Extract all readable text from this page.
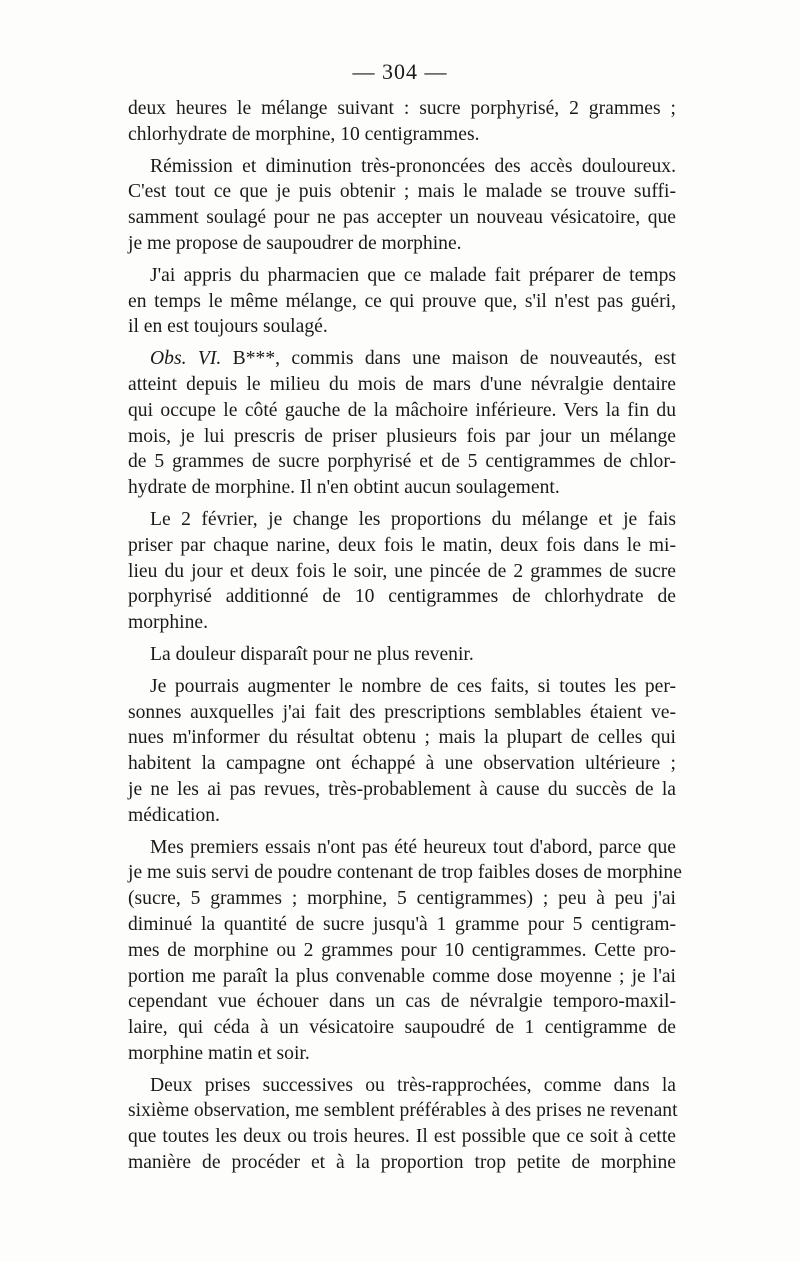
— 304 —
deux heures le mélange suivant : sucre porphyrisé, 2 grammes ;
chlorhydrate de morphine, 10 centigrammes.
Rémission et diminution très-prononcées des accès douloureux.
C'est tout ce que je puis obtenir ; mais le malade se trouve suffi-
samment soulagé pour ne pas accepter un nouveau vésicatoire, que
je me propose de saupoudrer de morphine.
J'ai appris du pharmacien que ce malade fait préparer de temps
en temps le même mélange, ce qui prouve que, s'il n'est pas guéri,
il en est toujours soulagé.
Obs. VI. B***, commis dans une maison de nouveautés, est
atteint depuis le milieu du mois de mars d'une névralgie dentaire
qui occupe le côté gauche de la mâchoire inférieure. Vers la fin du
mois, je lui prescris de priser plusieurs fois par jour un mélange
de 5 grammes de sucre porphyrisé et de 5 centigrammes de chlor-
hydrate de morphine. Il n'en obtint aucun soulagement.
Le 2 février, je change les proportions du mélange et je fais
priser par chaque narine, deux fois le matin, deux fois dans le mi-
lieu du jour et deux fois le soir, une pincée de 2 grammes de sucre
porphyrisé additionné de 10 centigrammes de chlorhydrate de
morphine.
La douleur disparaît pour ne plus revenir.
Je pourrais augmenter le nombre de ces faits, si toutes les per-
sonnes auxquelles j'ai fait des prescriptions semblables étaient ve-
nues m'informer du résultat obtenu ; mais la plupart de celles qui
habitent la campagne ont échappé à une observation ultérieure ;
je ne les ai pas revues, très-probablement à cause du succès de la
médication.
Mes premiers essais n'ont pas été heureux tout d'abord, parce que
je me suis servi de poudre contenant de trop faibles doses de morphine
(sucre, 5 grammes ; morphine, 5 centigrammes) ; peu à peu j'ai
diminué la quantité de sucre jusqu'à 1 gramme pour 5 centigram-
mes de morphine ou 2 grammes pour 10 centigrammes. Cette pro-
portion me paraît la plus convenable comme dose moyenne ; je l'ai
cependant vue échouer dans un cas de névralgie temporo-maxil-
laire, qui céda à un vésicatoire saupoudré de 1 centigramme de
morphine matin et soir.
Deux prises successives ou très-rapprochées, comme dans la
sixième observation, me semblent préférables à des prises ne revenant
que toutes les deux ou trois heures. Il est possible que ce soit à cette
manière de procéder et à la proportion trop petite de morphine
